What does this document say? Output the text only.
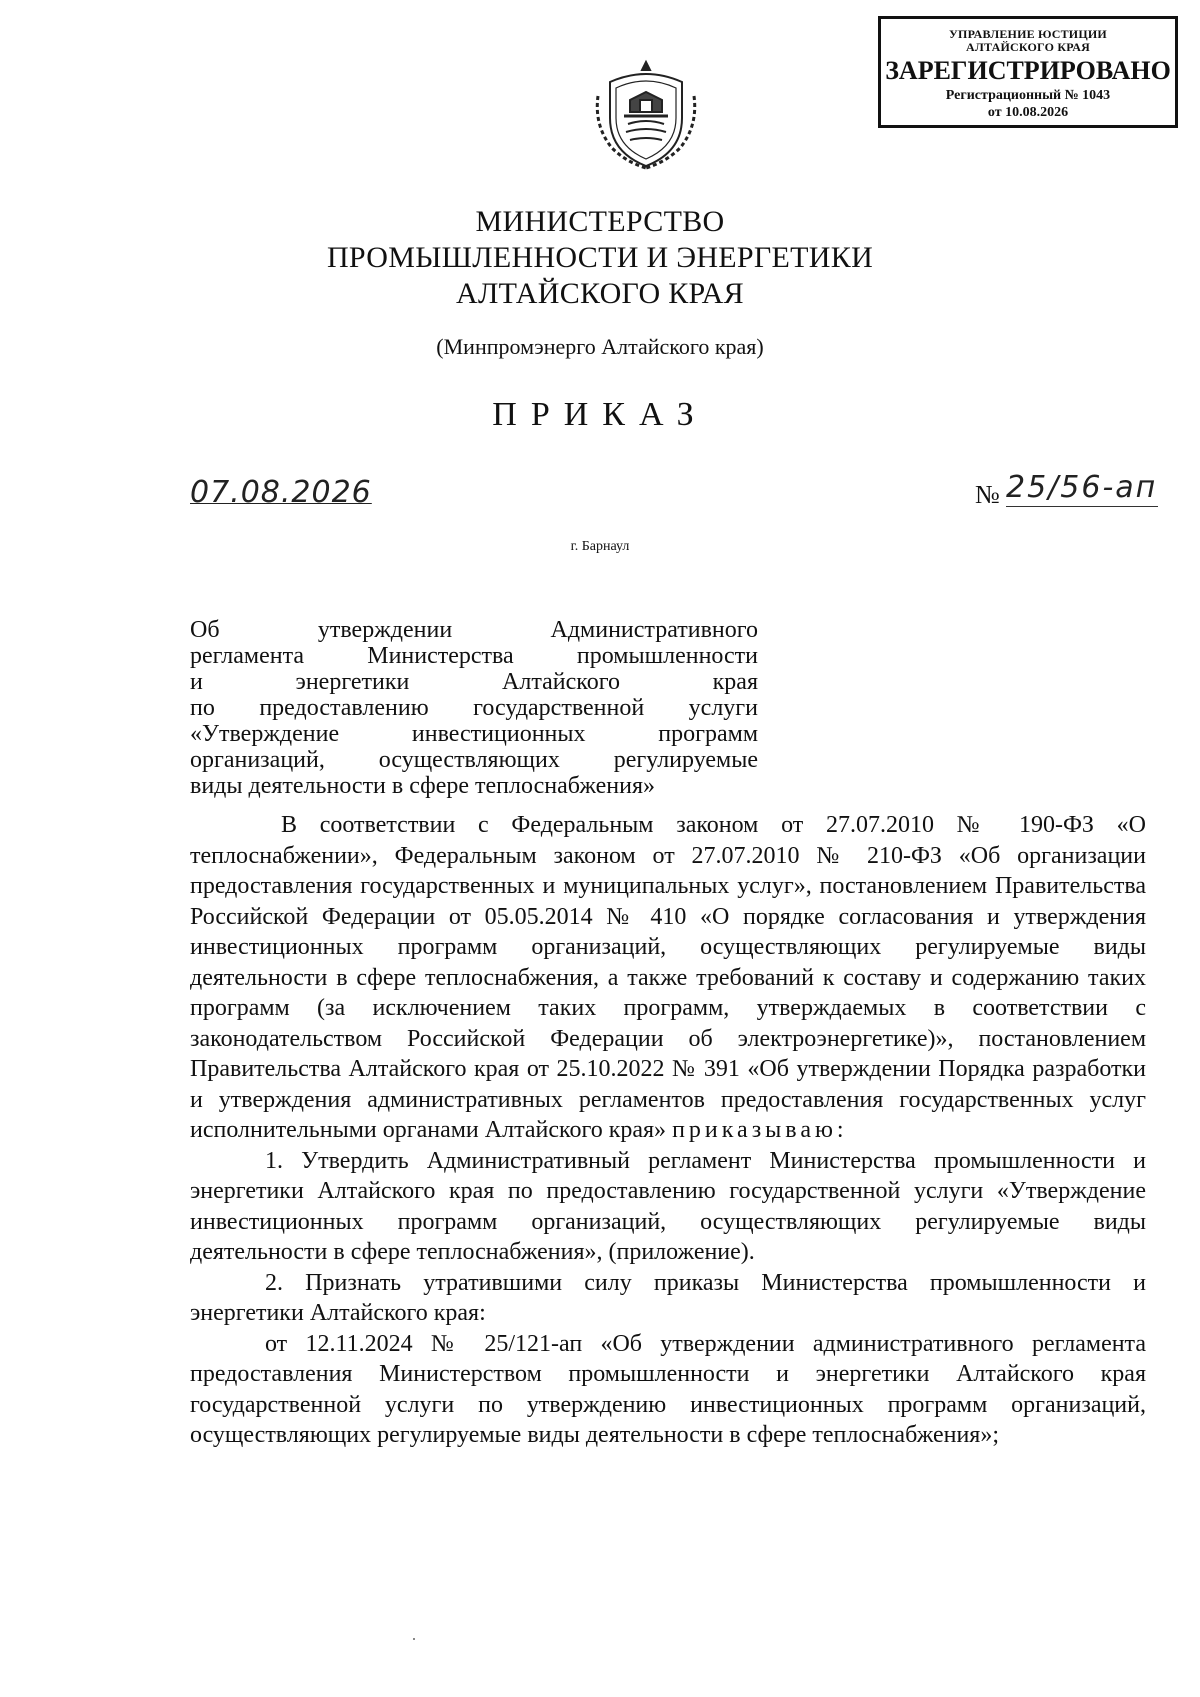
УПРАВЛЕНИЕ ЮСТИЦИИ
АЛТАЙСКОГО КРАЯ
ЗАРЕГИСТРИРОВАНО
Регистрационный № 1043
от 10.08.2026
МИНИСТЕРСТВО
ПРОМЫШЛЕННОСТИ И ЭНЕРГЕТИКИ
АЛТАЙСКОГО КРАЯ
(Минпромэнерго Алтайского края)
ПРИКАЗ
07.08.2026	№ 25/56-ап
г. Барнаул
Об утверждении Административного
регламента Министерства промышленности
и энергетики Алтайского края
по предоставлению государственной услуги
«Утверждение инвестиционных программ
организаций, осуществляющих регулируемые
виды деятельности в сфере теплоснабжения»

В соответствии с Федеральным законом от 27.07.2010 № 190-ФЗ «О теплоснабжении», Федеральным законом от 27.07.2010 № 210-ФЗ «Об организации предоставления государственных и муниципальных услуг», постановлением Правительства Российской Федерации от 05.05.2014 № 410 «О порядке согласования и утверждения инвестиционных программ организаций, осуществляющих регулируемые виды деятельности в сфере теплоснабжения, а также требований к составу и содержанию таких программ (за исключением таких программ, утверждаемых в соответствии с законодательством Российской Федерации об электроэнергетике)», постановлением Правительства Алтайского края от 25.10.2022 № 391 «Об утверждении Порядка разработки и утверждения административных регламентов предоставления государственных услуг исполнительными органами Алтайского края» приказываю:

1. Утвердить Административный регламент Министерства промышленности и энергетики Алтайского края по предоставлению государственной услуги «Утверждение инвестиционных программ организаций, осуществляющих регулируемые виды деятельности в сфере теплоснабжения», (приложение).

2. Признать утратившими силу приказы Министерства промышленности и энергетики Алтайского края:

от 12.11.2024 № 25/121-ап «Об утверждении административного регламента предоставления Министерством промышленности и энергетики Алтайского края государственной услуги по утверждению инвестиционных программ организаций, осуществляющих регулируемые виды деятельности в сфере теплоснабжения»;
